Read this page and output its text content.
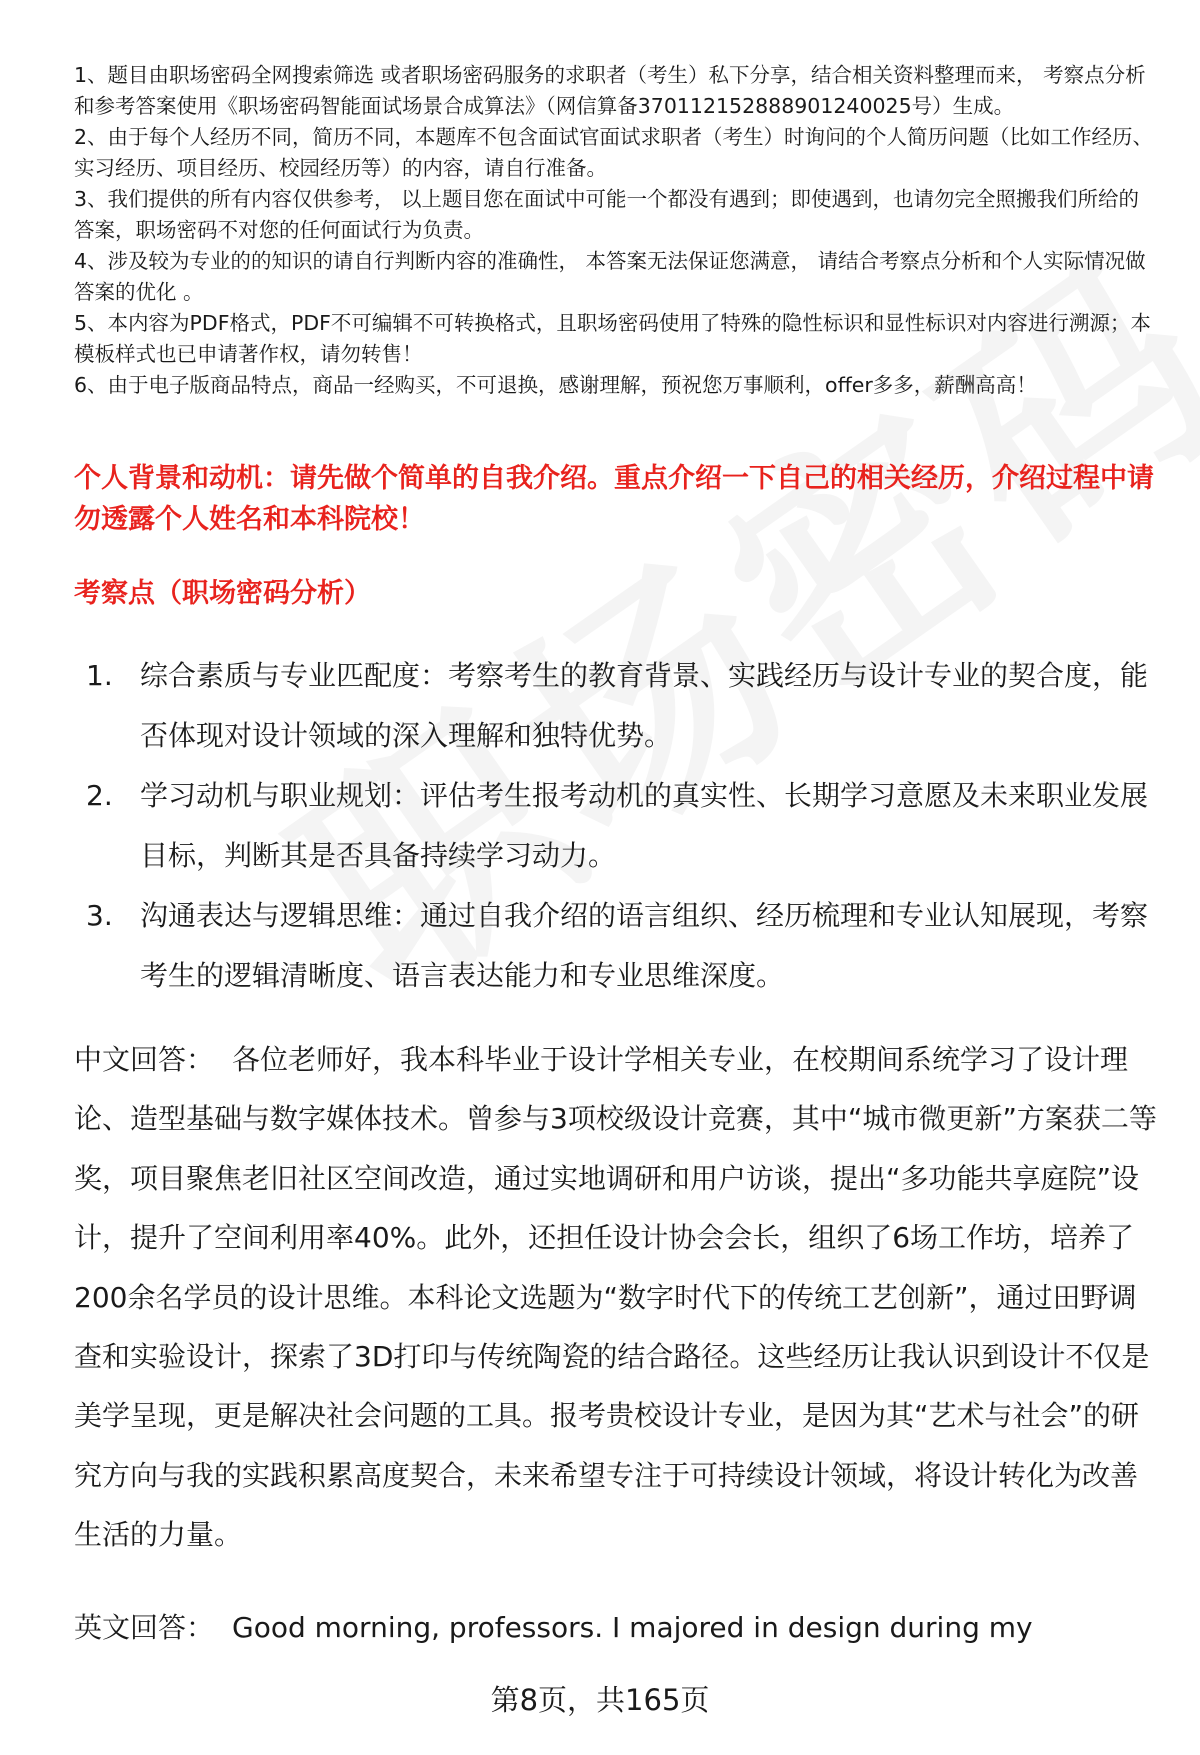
1、题目由职场密码全网搜索筛选 或者职场密码服务的求职者（考生）私下分享，结合相关资料整理而来， 考察点分析和参考答案使用《职场密码智能面试场景合成算法》（网信算备370112152888901240025号）生成。
2、由于每个人经历不同，简历不同，本题库不包含面试官面试求职者（考生）时询问的个人简历问题（比如工作经历、实习经历、项目经历、校园经历等）的内容，请自行准备。
3、我们提供的所有内容仅供参考， 以上题目您在面试中可能一个都没有遇到；即使遇到，也请勿完全照搬我们所给的答案，职场密码不对您的任何面试行为负责。
4、涉及较为专业的的知识的请自行判断内容的准确性， 本答案无法保证您满意， 请结合考察点分析和个人实际情况做答案的优化 。
5、本内容为PDF格式，PDF不可编辑不可转换格式，且职场密码使用了特殊的隐性标识和显性标识对内容进行溯源；本模板样式也已申请著作权，请勿转售！
6、由于电子版商品特点，商品一经购买，不可退换，感谢理解，预祝您万事顺利，offer多多，薪酬高高！
个人背景和动机：请先做个简单的自我介绍。重点介绍一下自己的相关经历，介绍过程中请勿透露个人姓名和本科院校！
考察点（职场密码分析）
1. 综合素质与专业匹配度：考察考生的教育背景、实践经历与设计专业的契合度，能否体现对设计领域的深入理解和独特优势。
2. 学习动机与职业规划：评估考生报考动机的真实性、长期学习意愿及未来职业发展目标，判断其是否具备持续学习动力。
3. 沟通表达与逻辑思维：通过自我介绍的语言组织、经历梳理和专业认知展现，考察考生的逻辑清晰度、语言表达能力和专业思维深度。

中文回答： 各位老师好，我本科毕业于设计学相关专业，在校期间系统学习了设计理论、造型基础与数字媒体技术。曾参与3项校级设计竞赛，其中“城市微更新”方案获二等奖，项目聚焦老旧社区空间改造，通过实地调研和用户访谈，提出“多功能共享庭院”设计，提升了空间利用率40%。此外，还担任设计协会会长，组织了6场工作坊，培养了200余名学员的设计思维。本科论文选题为“数字时代下的传统工艺创新”，通过田野调查和实验设计，探索了3D打印与传统陶瓷的结合路径。这些经历让我认识到设计不仅是美学呈现，更是解决社会问题的工具。报考贵校设计专业，是因为其“艺术与社会”的研究方向与我的实践积累高度契合，未来希望专注于可持续设计领域，将设计转化为改善生活的力量。

英文回答： Good morning, professors. I majored in design during my

第8页，共165页
